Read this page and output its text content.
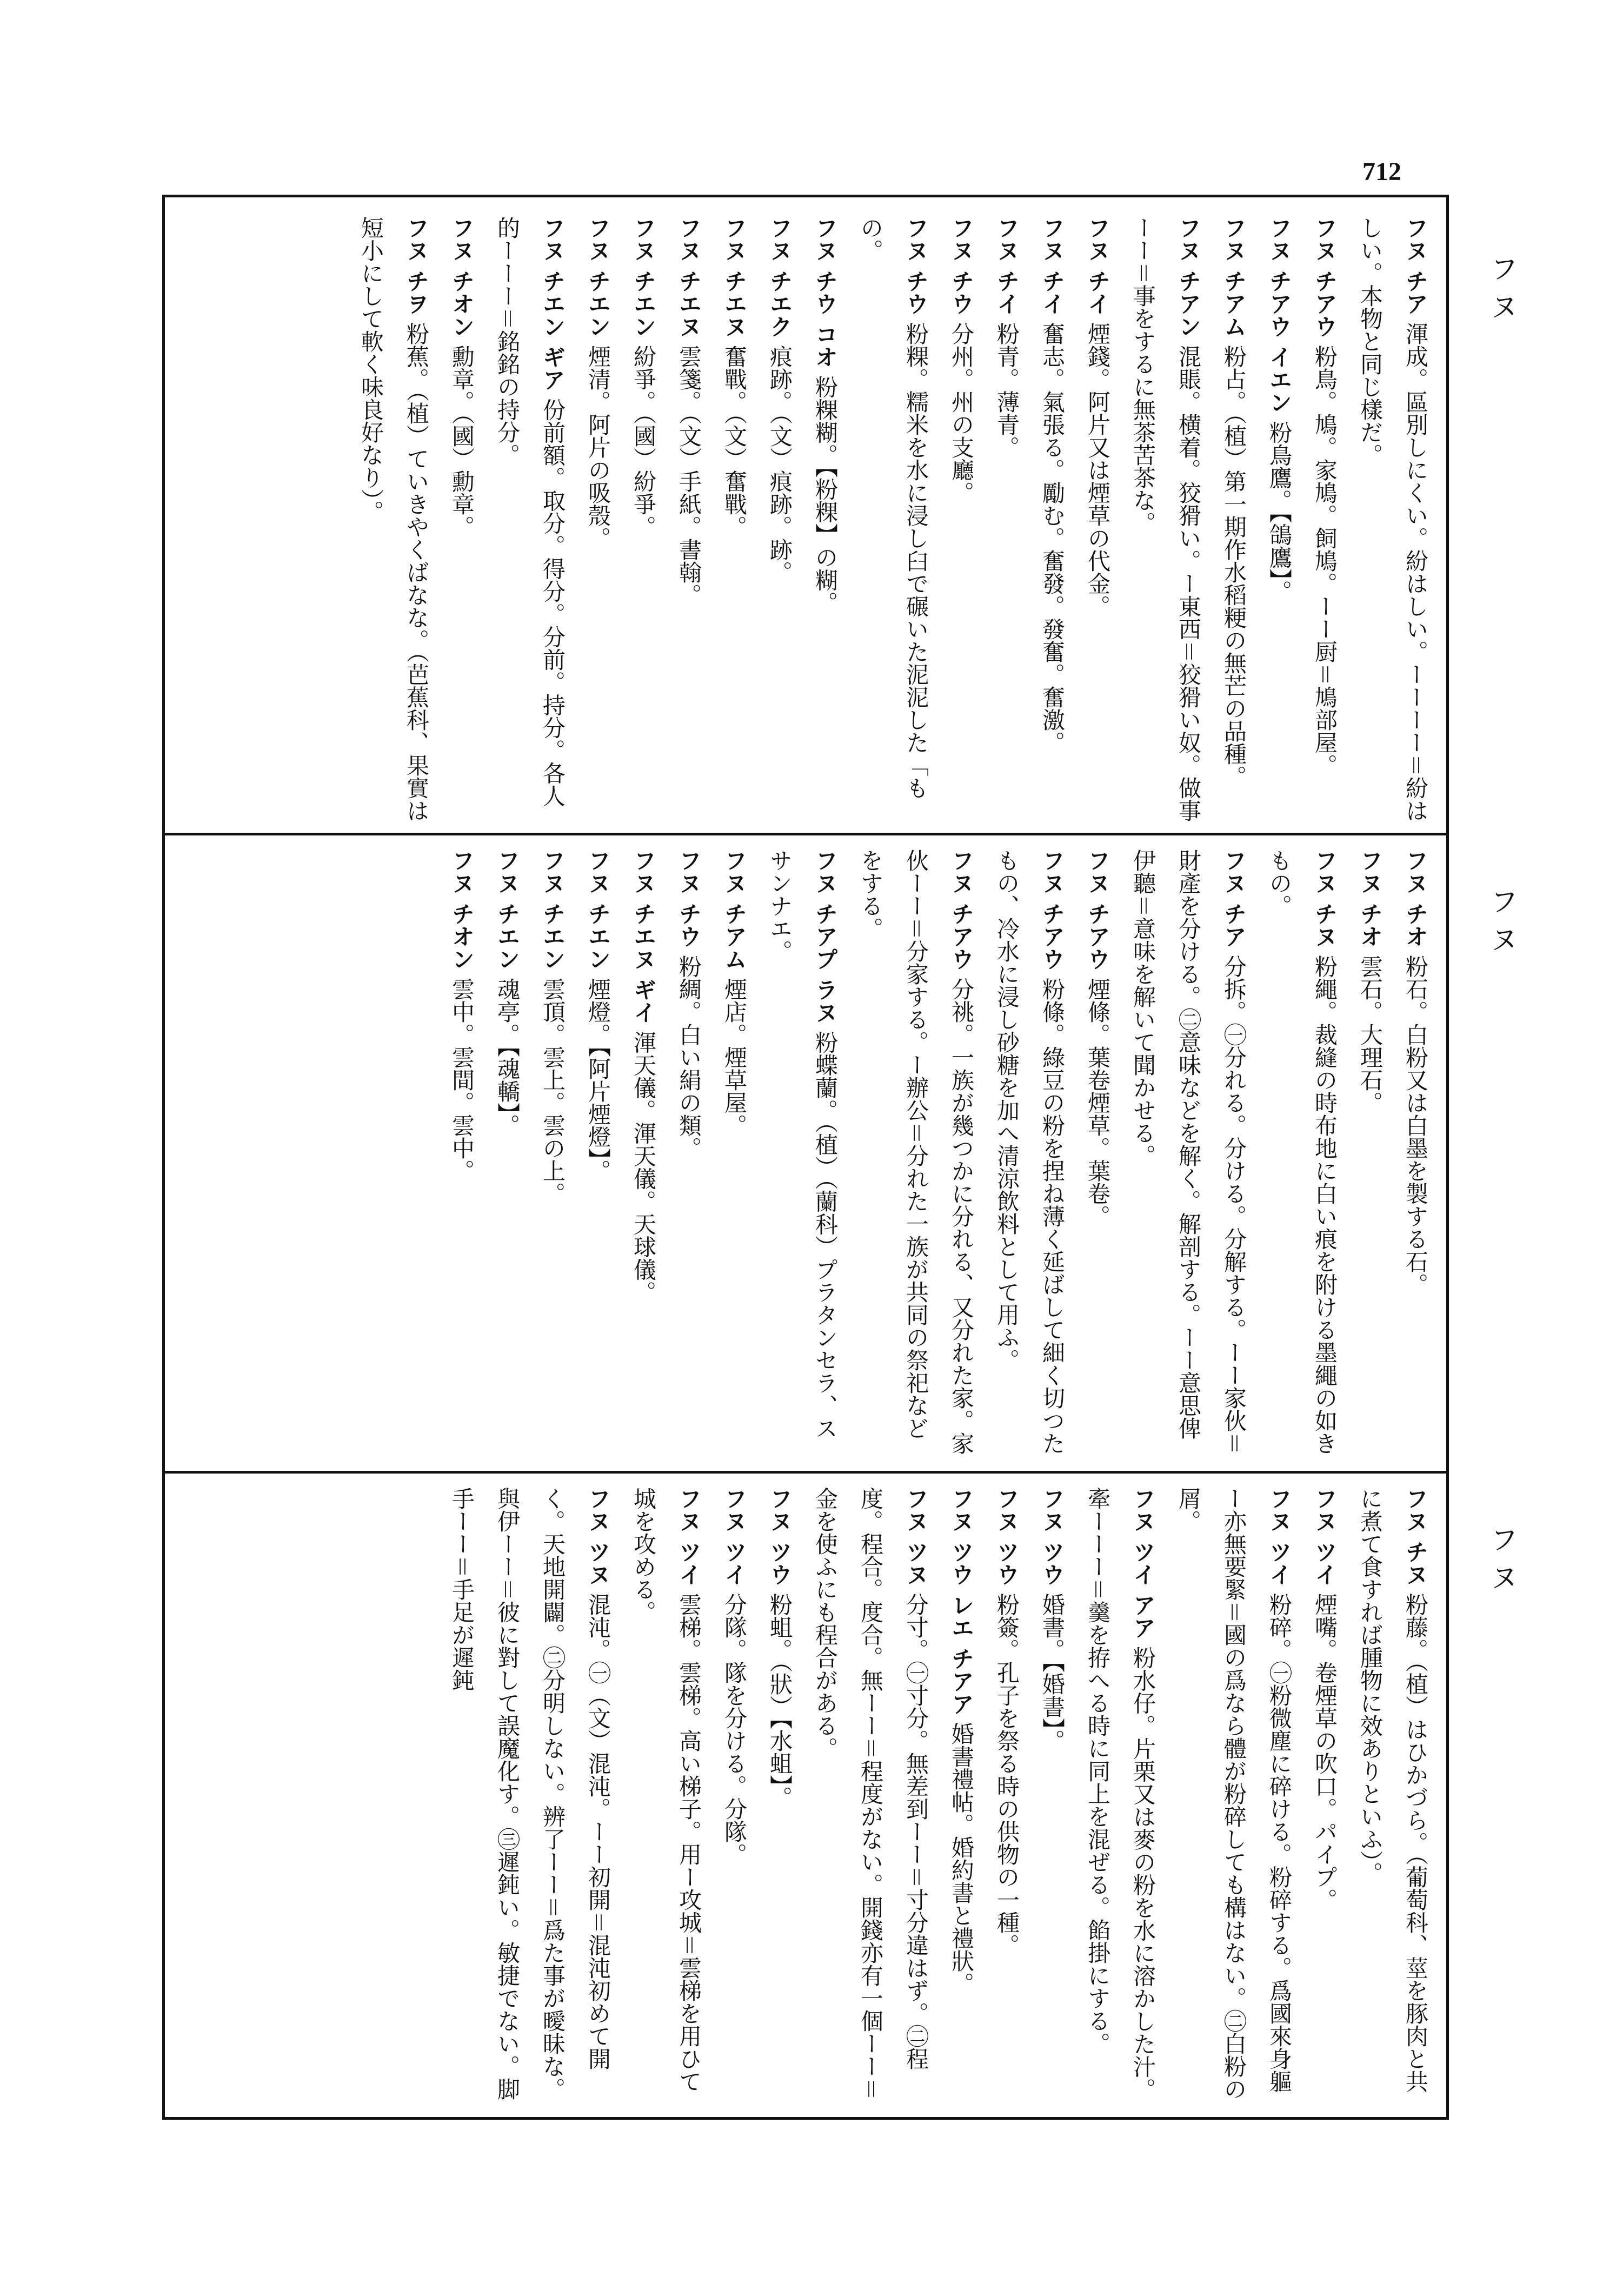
712
フヌ
フヌ
フヌ
フヌ チア 渾成。區別しにくい。紛はしい。ーーーー＝紛はしい。本物と同じ樣だ。
フヌ チアウ 粉鳥。鳩。家鳩。飼鳩。ーー厨＝鳩部屋。
フヌ チアウ イエン 粉鳥鷹。【鴿鷹】。
フヌ チアム 粉占。（植）第一期作水稻粳の無芒の品種。
フヌ チアン 混賬。横着。狡猾い。ー東西＝狡猾い奴。做事ーー＝事をするに無茶苦茶な。
フヌ チイ 煙錢。阿片又は煙草の代金。
フヌ チイ 奮志。氣張る。勵む。奮發。發奮。奮激。
フヌ チイ 粉青。薄青。
フヌ チウ 分州。州の支廳。
フヌ チウ 粉粿。糯米を水に浸し臼で碾いた泥泥した「もの。
フヌ チウ コオ 粉粿糊。【粉粿】の糊。
フヌ チエク 痕跡。（文）痕跡。跡。
フヌ チエヌ 奮戰。（文）奮戰。
フヌ チエヌ 雲箋。（文）手紙。書翰。
フヌ チエン 紛爭。（國）紛爭。
フヌ チエン 煙清。阿片の吸殼。
フヌ チエン ギア 份前額。取分。得分。分前。持分。各人的ーーー＝銘銘の持分。
フヌ チオン 勳章。（國）勳章。
フヌ チヲ 粉蕉。（植）ていきやくばなな。（芭蕉科、果實は短小にして軟く味良好なり）。
フヌ チオ 粉石。白粉又は白墨を製する石。
フヌ チオ 雲石。大理石。
フヌ チヌ 粉繩。裁縫の時布地に白い痕を附ける墨繩の如きもの。
フヌ チア 分拆。㊀分れる。分ける。分解する。ーー家伙＝財產を分ける。㊁意味などを解く。解剖する。ーー意思俾伊聽＝意味を解いて聞かせる。
フヌ チアウ 煙條。葉卷煙草。葉卷。
フヌ チアウ 粉條。綠豆の粉を捏ね薄く延ばして細く切つたもの、冷水に浸し砂糖を加へ清涼飲料として用ふ。
フヌ チアウ 分祧。一族が幾つかに分れる、又分れた家。家伙ーー＝分家する。ー辦公＝分れた一族が共同の祭祀などをする。
フヌ チアプ ラヌ 粉蝶蘭。（植）（蘭科）プラタンセラ、スサンナエ。
フヌ チアム 煙店。煙草屋。
フヌ チウ 粉綢。白い絹の類。
フヌ チエヌ ギイ 渾天儀。渾天儀。天球儀。
フヌ チエン 煙燈。【阿片煙燈】。
フヌ チエン 雲頂。雲上。雲の上。
フヌ チエン 魂亭。【魂轎】。
フヌ チオン 雲中。雲間。雲中。
フヌ チヌ 粉藤。（植）はひかづら。（葡萄科、莖を豚肉と共に煮て食すれば腫物に效ありといふ）。
フヌ ツイ 煙嘴。卷煙草の吹口。パイプ。
フヌ ツイ 粉碎。㊀粉微塵に碎ける。粉碎する。爲國來身軀ー亦無要緊＝國の爲なら體が粉碎しても構はない。㊁白粉の屑。
フヌ ツイ アア 粉水仔。片栗又は麥の粉を水に溶かした汁。牽ーーー＝羹を拵へる時に同上を混ぜる。餡掛にする。
フヌ ツウ 婚書。【婚書】。
フヌ ツウ 粉簽。孔子を祭る時の供物の一種。
フヌ ツウ レエ チアア 婚書禮帖。婚約書と禮狀。
フヌ ツヌ 分寸。㊀寸分。無差到ーー＝寸分違はず。㊁程度。程合。度合。無ーー＝程度がない。開錢亦有一個ーー＝金を使ふにも程合がある。
フヌ ツウ 粉蛆。（狀）【水蛆】。
フヌ ツイ 分隊。隊を分ける。分隊。
フヌ ツイ 雲梯。雲梯。高い梯子。用ー攻城＝雲梯を用ひて城を攻める。
フヌ ツヌ 混沌。㊀（文）混沌。ーー初開＝混沌初めて開く。天地開闢。㊁分明しない。辨了ーー＝爲た事が曖昧な。與伊ーー＝彼に對して誤魔化す。㊂遲鈍い。敏捷でない。脚手ーー＝手足が遲鈍
